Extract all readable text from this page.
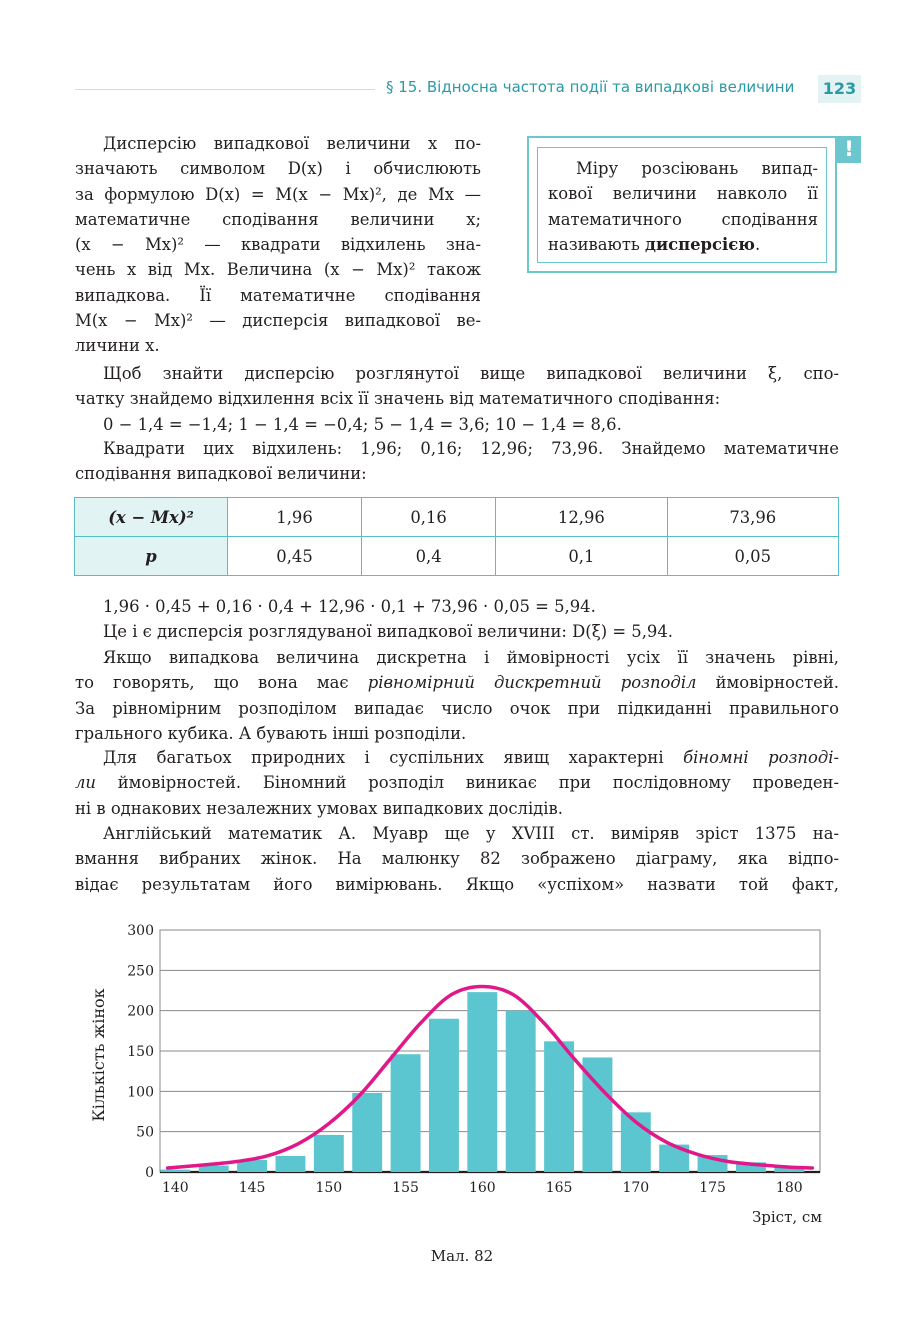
§ 15. Відносна частота події та випадкові величини 123
Дисперсію випадкової величини x по-
значають символом D(x) і обчислюють
за формулою D(x) = M(x − Mx)², де Mx —
математичне сподівання величини x;
(x − Mx)² — квадрати відхилень зна-
чень x від Mx. Величина (x − Mx)² також
випадкова. Її математичне сподівання
M(x − Mx)² — дисперсія випадкової ве-
личини x.
!
Міру розсіювань випад-
кової величини навколо її
математичного сподівання
називають дисперсією.
Щоб знайти дисперсію розглянутої вище випадкової величини ξ, спо-
чатку знайдемо відхилення всіх її значень від математичного сподівання:
0 − 1,4 = −1,4; 1 − 1,4 = −0,4; 5 − 1,4 = 3,6; 10 − 1,4 = 8,6.
Квадрати цих відхилень: 1,96; 0,16; 12,96; 73,96. Знайдемо математичне
сподівання випадкової величини:
(x − Mx)²	1,96	0,16	12,96	73,96
p	0,45	0,4	0,1	0,05
1,96 · 0,45 + 0,16 · 0,4 + 12,96 · 0,1 + 73,96 · 0,05 = 5,94.
Це і є дисперсія розглядуваної випадкової величини: D(ξ) = 5,94.
Якщо випадкова величина дискретна і ймовірності усіх її значень рівні,
то говорять, що вона має рівномірний дискретний розподіл ймовірностей.
За рівномірним розподілом випадає число очок при підкиданні правильного
грального кубика. А бувають інші розподіли.
Для багатьох природних і суспільних явищ характерні біномні розподі-
ли ймовірностей. Біномний розподіл виникає при послідовному проведен-
ні в однакових незалежних умовах випадкових дослідів.
Англійський математик А. Муавр ще у XVIII ст. виміряв зріст 1375 на-
вмання вибраних жінок. На малюнку 82 зображено діаграму, яка відпо-
відає результатам його вимірювань. Якщо «успіхом» назвати той факт,
0
50
100
150
200
250
300
140	145	150	155	160	165	170	175	180
Кількість жінок
Зріст, см
Мал. 82
